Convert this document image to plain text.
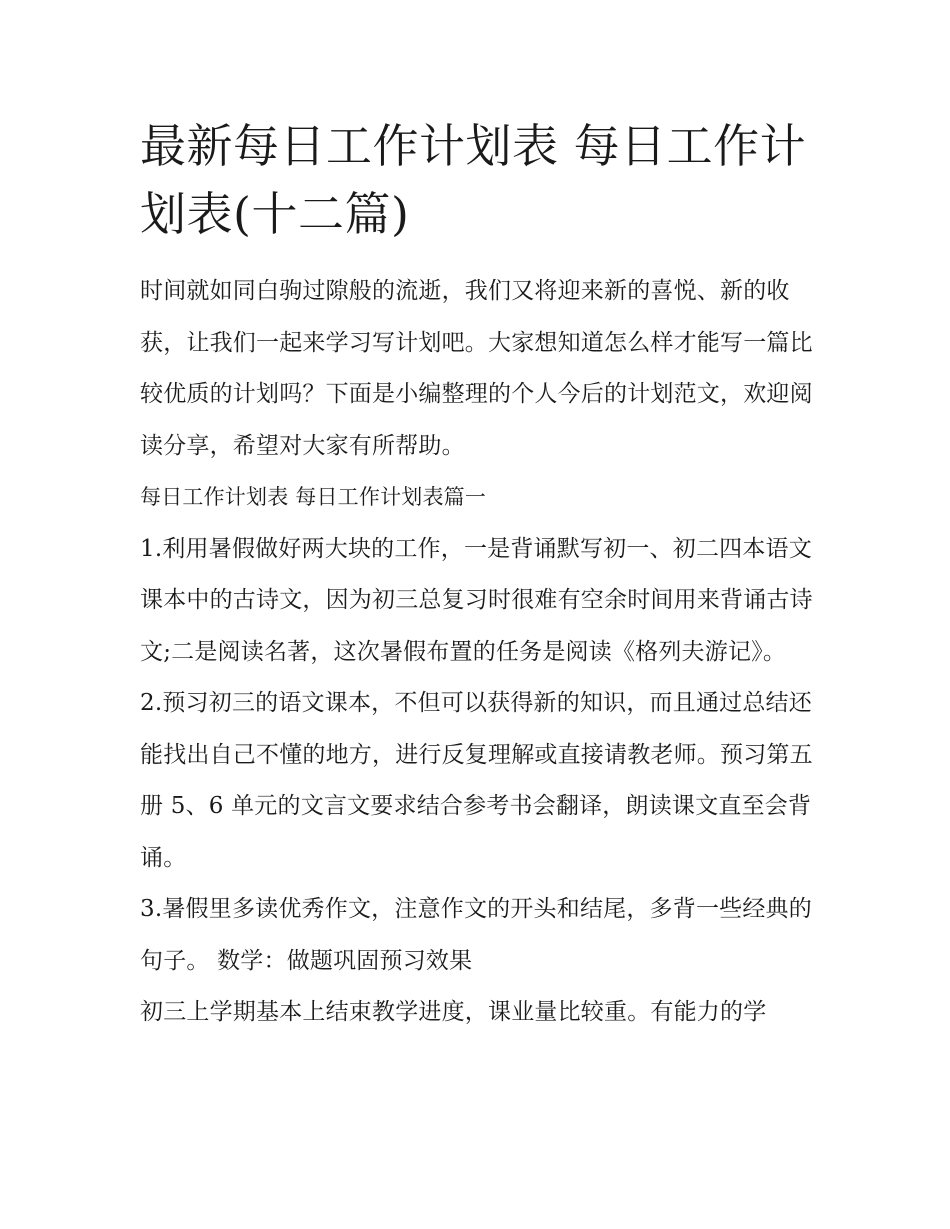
最新每日工作计划表 每日工作计划表(十二篇)

时间就如同白驹过隙般的流逝，我们又将迎来新的喜悦、新的收获，让我们一起来学习写计划吧。大家想知道怎么样才能写一篇比较优质的计划吗？下面是小编整理的个人今后的计划范文，欢迎阅读分享，希望对大家有所帮助。

每日工作计划表 每日工作计划表篇一

1.利用暑假做好两大块的工作，一是背诵默写初一、初二四本语文课本中的古诗文，因为初三总复习时很难有空余时间用来背诵古诗文;二是阅读名著，这次暑假布置的任务是阅读《格列夫游记》。

2.预习初三的语文课本，不但可以获得新的知识，而且通过总结还能找出自己不懂的地方，进行反复理解或直接请教老师。预习第五册 5、6 单元的文言文要求结合参考书会翻译，朗读课文直至会背诵。

3.暑假里多读优秀作文，注意作文的开头和结尾，多背一些经典的句子。 数学：做题巩固预习效果

初三上学期基本上结束教学进度，课业量比较重。有能力的学
